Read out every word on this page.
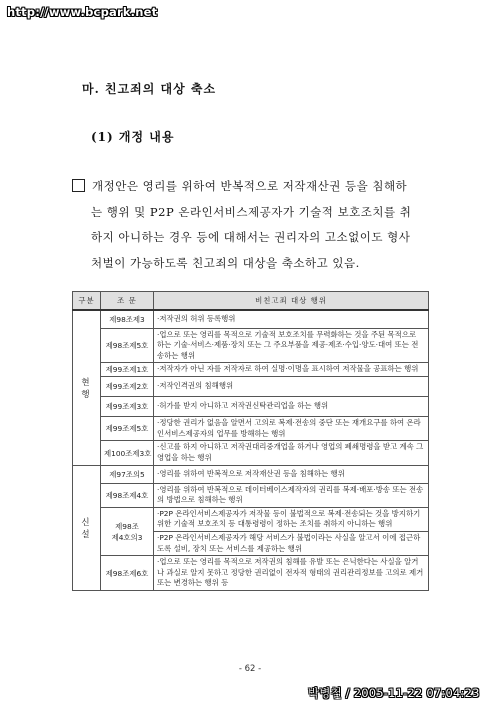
http://www.bcpark.net
마. 친고죄의 대상 축소
(1) 개정 내용
개정안은 영리를 위하여 반복적으로 저작재산권 등을 침해하
는 행위 및 P2P 온라인서비스제공자가 기술적 보호조치를 취
하지 아니하는 경우 등에 대해서는 권리자의 고소없이도 형사
처벌이 가능하도록 친고죄의 대상을 축소하고 있음.
구분	조 문	비친고죄 대상 행위
현 행	제98조제3	·저작권의 허위 등록행위
	제98조제5호	·업으로 또는 영리를 목적으로 기술적 보호조치를 무력화하는 것을 주된 목적으로 하는 기술·서비스·제품·장치 또는 그 주요부품을 제공·제조·수입·양도·대여 또는 전송하는 행위
	제99조제1호	·저작자가 아닌 자를 저작자로 하여 실명·이명을 표시하여 저작물을 공표하는 행위
	제99조제2호	·저작인격권의 침해행위
	제99조제3호	·허가를 받지 아니하고 저작권신탁관리업을 하는 행위
	제99조제5호	·정당한 권리가 없음을 알면서 고의로 복제·전송의 중단 또는 재개요구를 하여 온라인서비스제공자의 업무를 방해하는 행위
	제100조제3호	·신고를 하지 아니하고 저작권대리중개업을 하거나 영업의 폐쇄명령을 받고 계속 그 영업을 하는 행위
신 설	제97조의5	·영리를 위하여 반복적으로 저작재산권 등을 침해하는 행위
	제98조제4호	·영리를 위하여 반복적으로 데이터베이스제작자의 권리를 복제·배포·방송 또는 전송의 방법으로 침해하는 행위
	제98조
제4호의3	·P2P 온라인서비스제공자가 저작물 등이 불법적으로 복제·전송되는 것을 방지하기 위한 기술적 보호조치 등 대통령령이 정하는 조치를 취하지 아니하는 행위
		·P2P 온라인서비스제공자가 해당 서비스가 불법이라는 사실을 알고서 이에 접근하도록 설비, 장치 또는 서비스를 제공하는 행위
	제98조제6호	·업으로 또는 영리를 목적으로 저작권의 침해를 유발 또는 은닉한다는 사실을 알거나 과실로 알지 못하고 정당한 권리없이 전자적 형태의 권리관리정보를 고의로 제거 또는 변경하는 행위 등
- 62 -
박병철 / 2005-11-22 07:04:23
